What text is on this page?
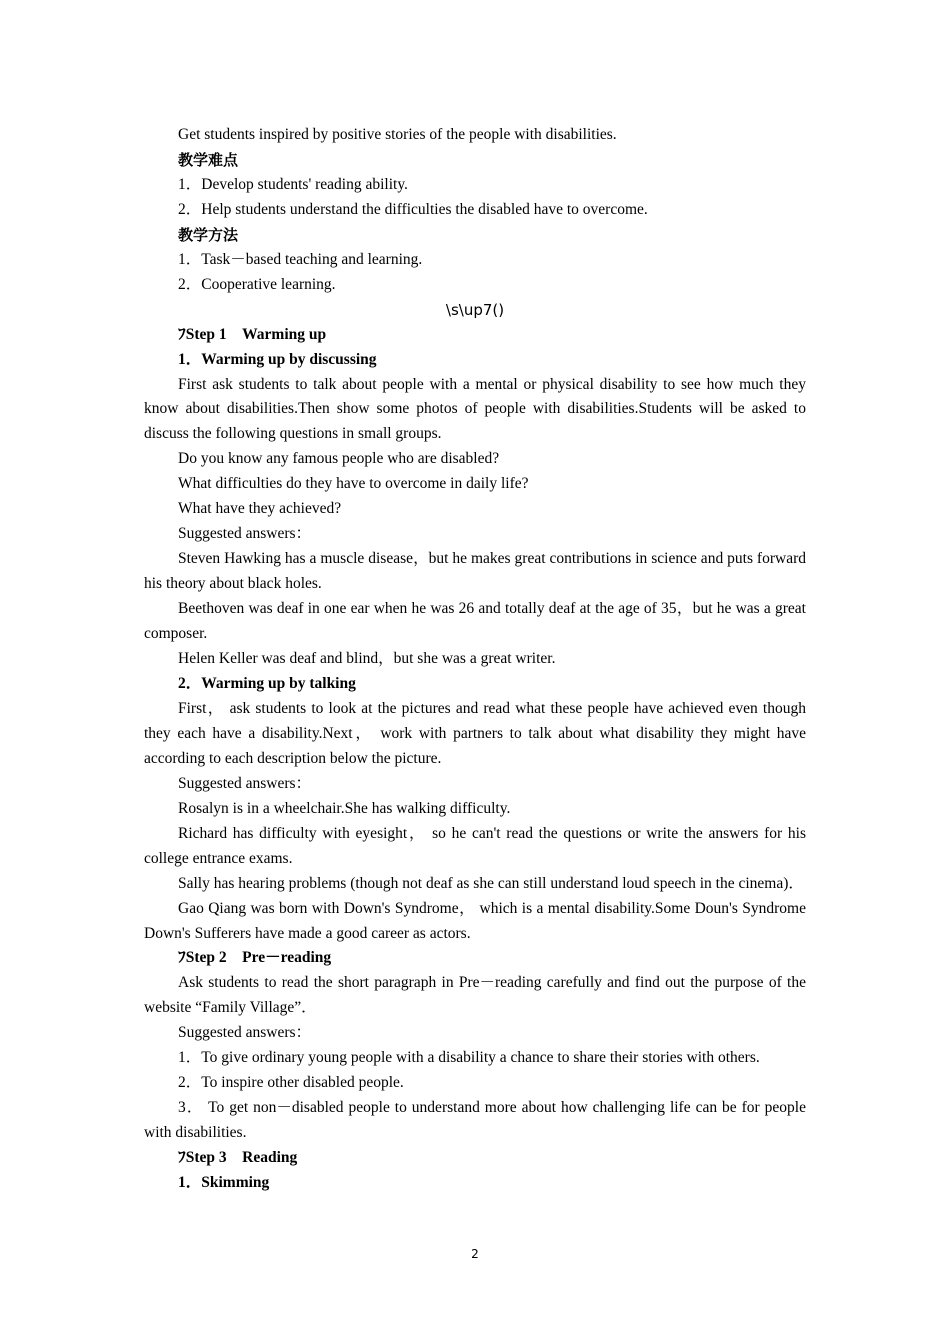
Get students inspired by positive stories of the people with disabilities.

教学难点

1．Develop students' reading ability.

2．Help students understand the difficulties the disabled have to overcome.

教学方法

1．Task－based teaching and learning.

2．Cooperative learning.

\s\up7()

ﾌStep 1　Warming up

1．Warming up by discussing

First ask students to talk about people with a mental or physical disability to see how much they know about disabilities.Then show some photos of people with disabilities.Students will be asked to discuss the following questions in small groups.

Do you know any famous people who are disabled?

What difficulties do they have to overcome in daily life?

What have they achieved?

Suggested answers：

Steven Hawking has a muscle disease，but he makes great contributions in science and puts forward his theory about black holes.

Beethoven was deaf in one ear when he was 26 and totally deaf at the age of 35，but he was a great composer.

Helen Keller was deaf and blind，but she was a great writer.

2．Warming up by talking

First， ask students to look at the pictures and read what these people have achieved even though they each have a disability.Next， work with partners to talk about what disability they might have according to each description below the picture.

Suggested answers：

Rosalyn is in a wheelchair.She has walking difficulty.

Richard has difficulty with eyesight， so he can't read the questions or write the answers for his college entrance exams.

Sally has hearing problems (though not deaf as she can still understand loud speech in the cinema)．

Gao Qiang was born with Down's Syndrome， which is a mental disability.Some Doun's Syndrome Down's Sufferers have made a good career as actors.

ﾌStep 2　Pre－reading

Ask students to read the short paragraph in Pre－reading carefully and find out the purpose of the website “Family Village”．

Suggested answers：

1．To give ordinary young people with a disability a chance to share their stories with others.

2．To inspire other disabled people.

3． To get non－disabled people to understand more about how challenging life can be for people with disabilities.

ﾌStep 3　Reading

1．Skimming

2
